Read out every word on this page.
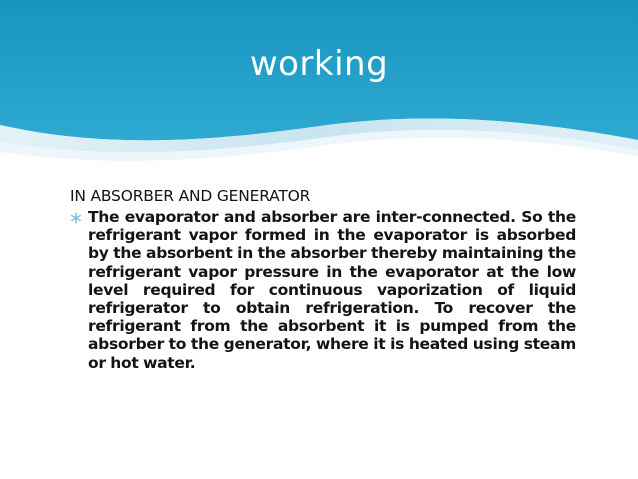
working
IN ABSORBER AND GENERATOR
The evaporator and absorber are inter-connected. So the refrigerant vapor formed in the evaporator is absorbed by the absorbent in the absorber thereby maintaining the refrigerant vapor pressure in the evaporator at the low level required for continuous vaporization of liquid refrigerator to obtain refrigeration. To recover the refrigerant from the absorbent it is pumped from the absorber to the generator, where it is heated using steam or hot water.
